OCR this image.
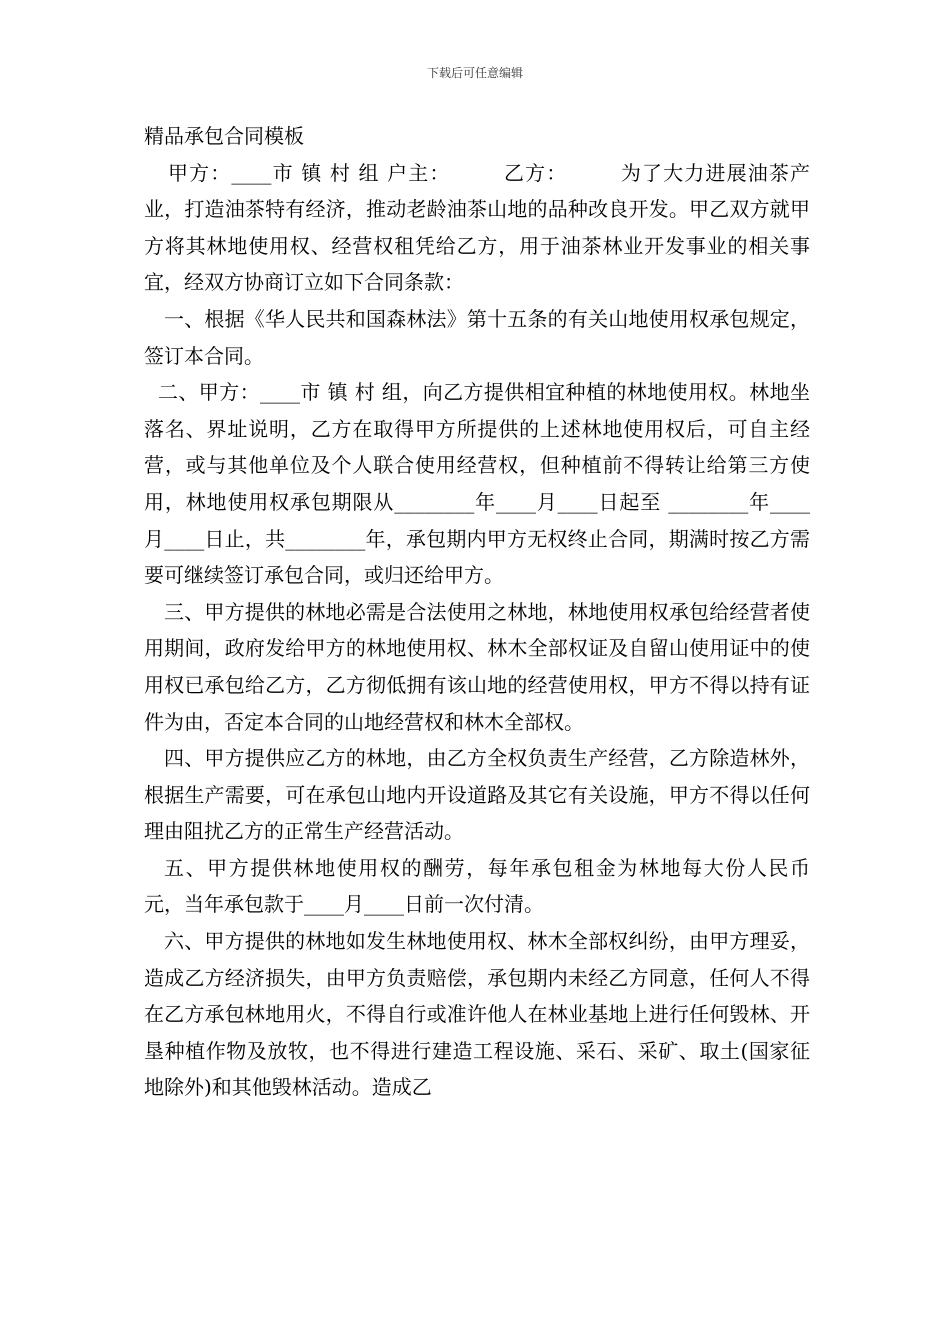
下载后可任意编辑
精品承包合同模板

甲方：____市 镇 村 组 户主：　　　乙方：　　　为了大力进展油茶产业，打造油茶特有经济，推动老龄油茶山地的品种改良开发。甲乙双方就甲方将其林地使用权、经营权租凭给乙方，用于油茶林业开发事业的相关事宜，经双方协商订立如下合同条款：

一、根据《华人民共和国森林法》第十五条的有关山地使用权承包规定，签订本合同。

二、甲方：____市 镇 村 组，向乙方提供相宜种植的林地使用权。林地坐落名、界址说明，乙方在取得甲方所提供的上述林地使用权后，可自主经营，或与其他单位及个人联合使用经营权，但种植前不得转让给第三方使用，林地使用权承包期限从________年____月____日起至 ________年____月____日止，共________年，承包期内甲方无权终止合同，期满时按乙方需要可继续签订承包合同，或归还给甲方。

三、甲方提供的林地必需是合法使用之林地，林地使用权承包给经营者使用期间，政府发给甲方的林地使用权、林木全部权证及自留山使用证中的使用权已承包给乙方，乙方彻低拥有该山地的经营使用权，甲方不得以持有证件为由，否定本合同的山地经营权和林木全部权。

四、甲方提供应乙方的林地，由乙方全权负责生产经营，乙方除造林外，根据生产需要，可在承包山地内开设道路及其它有关设施，甲方不得以任何理由阻扰乙方的正常生产经营活动。

五、甲方提供林地使用权的酬劳，每年承包租金为林地每大份人民币 元，当年承包款于____月____日前一次付清。

六、甲方提供的林地如发生林地使用权、林木全部权纠纷，由甲方理妥，造成乙方经济损失，由甲方负责赔偿，承包期内未经乙方同意，任何人不得在乙方承包林地用火，不得自行或准许他人在林业基地上进行任何毁林、开垦种植作物及放牧，也不得进行建造工程设施、采石、采矿、取土(国家征地除外)和其他毁林活动。造成乙
